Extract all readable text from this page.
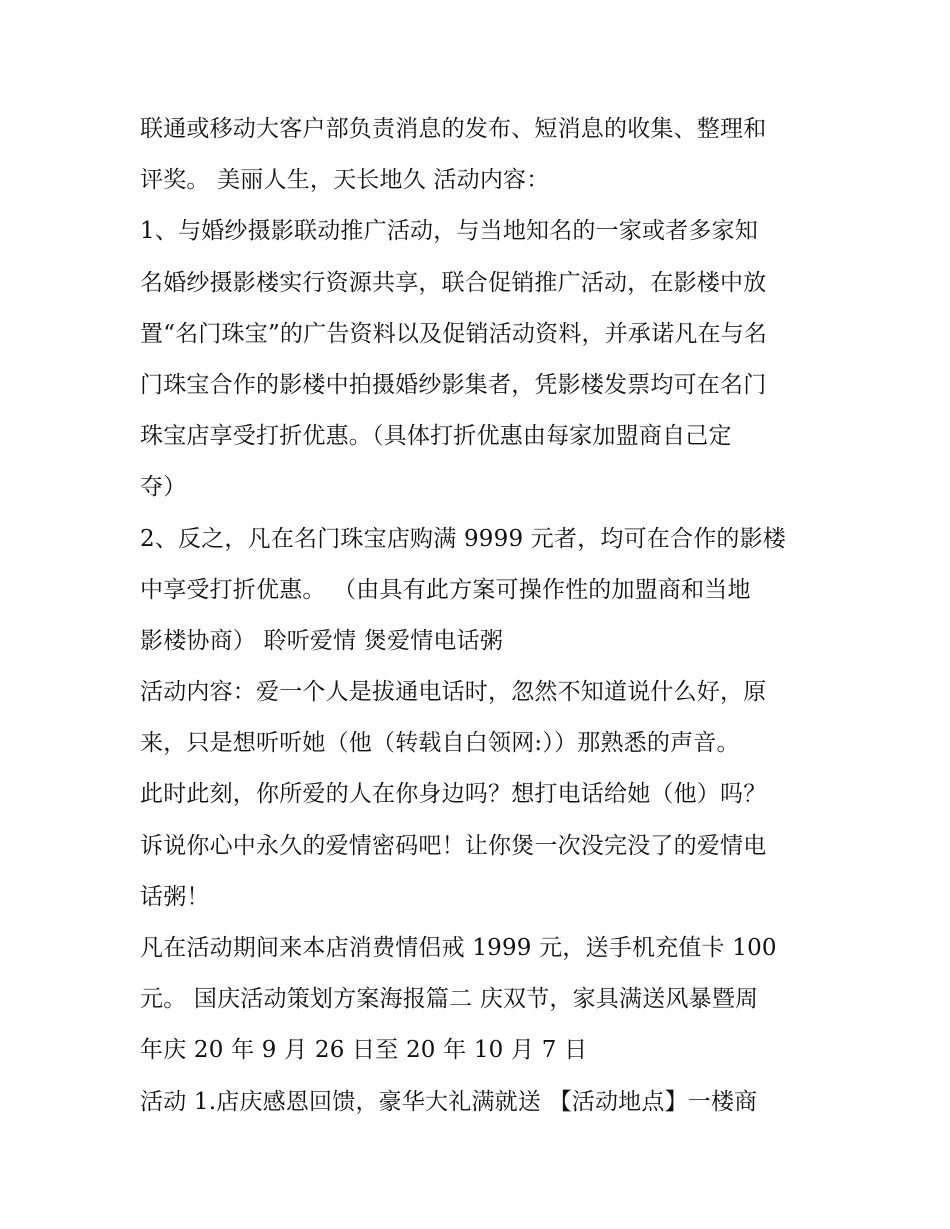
联通或移动大客户部负责消息的发布、短消息的收集、整理和
评奖。 美丽人生，天长地久 活动内容：
1、与婚纱摄影联动推广活动，与当地知名的一家或者多家知
名婚纱摄影楼实行资源共享，联合促销推广活动，在影楼中放
置“名门珠宝”的广告资料以及促销活动资料，并承诺凡在与名
门珠宝合作的影楼中拍摄婚纱影集者，凭影楼发票均可在名门
珠宝店享受打折优惠。（具体打折优惠由每家加盟商自己定
夺）
2、反之，凡在名门珠宝店购满 9999 元者，均可在合作的影楼
中享受打折优惠。 （由具有此方案可操作性的加盟商和当地
影楼协商） 聆听爱情 煲爱情电话粥
活动内容：爱一个人是拔通电话时，忽然不知道说什么好，原
来，只是想听听她（他（转载自白领网:））那熟悉的声音。
此时此刻，你所爱的人在你身边吗？想打电话给她（他）吗？
诉说你心中永久的爱情密码吧！让你煲一次没完没了的爱情电
话粥！
凡在活动期间来本店消费情侣戒 1999 元，送手机充值卡 100
元。 国庆活动策划方案海报篇二 庆双节，家具满送风暴暨周
年庆 20 年 9 月 26 日至 20 年 10 月 7 日
活动 1.店庆感恩回馈，豪华大礼满就送 【活动地点】一楼商
